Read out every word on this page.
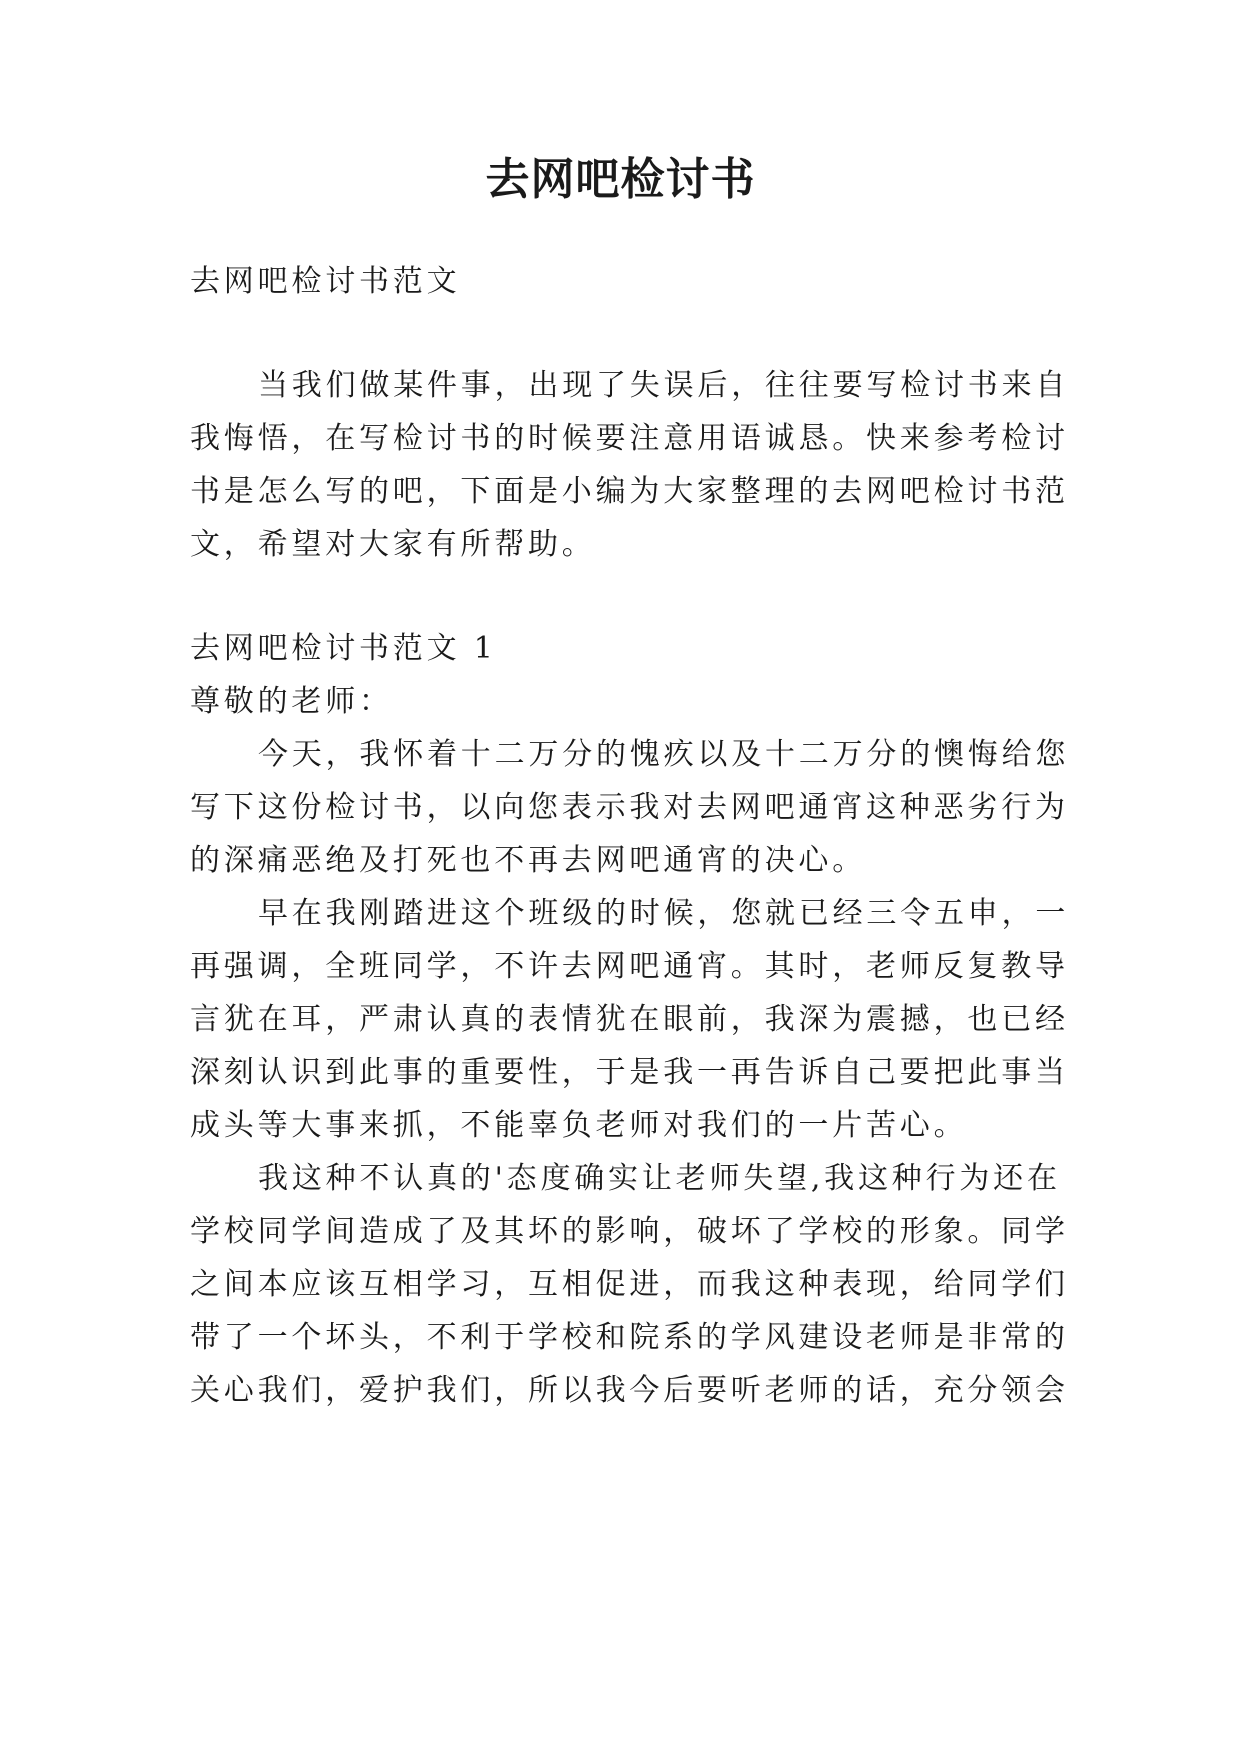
去网吧检讨书

去网吧检讨书范文

当我们做某件事，出现了失误后，往往要写检讨书来自

我悔悟，在写检讨书的时候要注意用语诚恳。快来参考检讨

书是怎么写的吧，下面是小编为大家整理的去网吧检讨书范

文，希望对大家有所帮助。

去网吧检讨书范文 1

尊敬的老师：

今天，我怀着十二万分的愧疚以及十二万分的懊悔给您

写下这份检讨书，以向您表示我对去网吧通宵这种恶劣行为

的深痛恶绝及打死也不再去网吧通宵的决心。

早在我刚踏进这个班级的时候，您就已经三令五申，一

再强调，全班同学，不许去网吧通宵。其时，老师反复教导

言犹在耳，严肃认真的表情犹在眼前，我深为震撼，也已经

深刻认识到此事的重要性，于是我一再告诉自己要把此事当

成头等大事来抓，不能辜负老师对我们的一片苦心。

我这种不认真的'态度确实让老师失望,我这种行为还在

学校同学间造成了及其坏的影响，破坏了学校的形象。同学

之间本应该互相学习，互相促进，而我这种表现，给同学们

带了一个坏头，不利于学校和院系的学风建设老师是非常的

关心我们，爱护我们，所以我今后要听老师的话，充分领会
